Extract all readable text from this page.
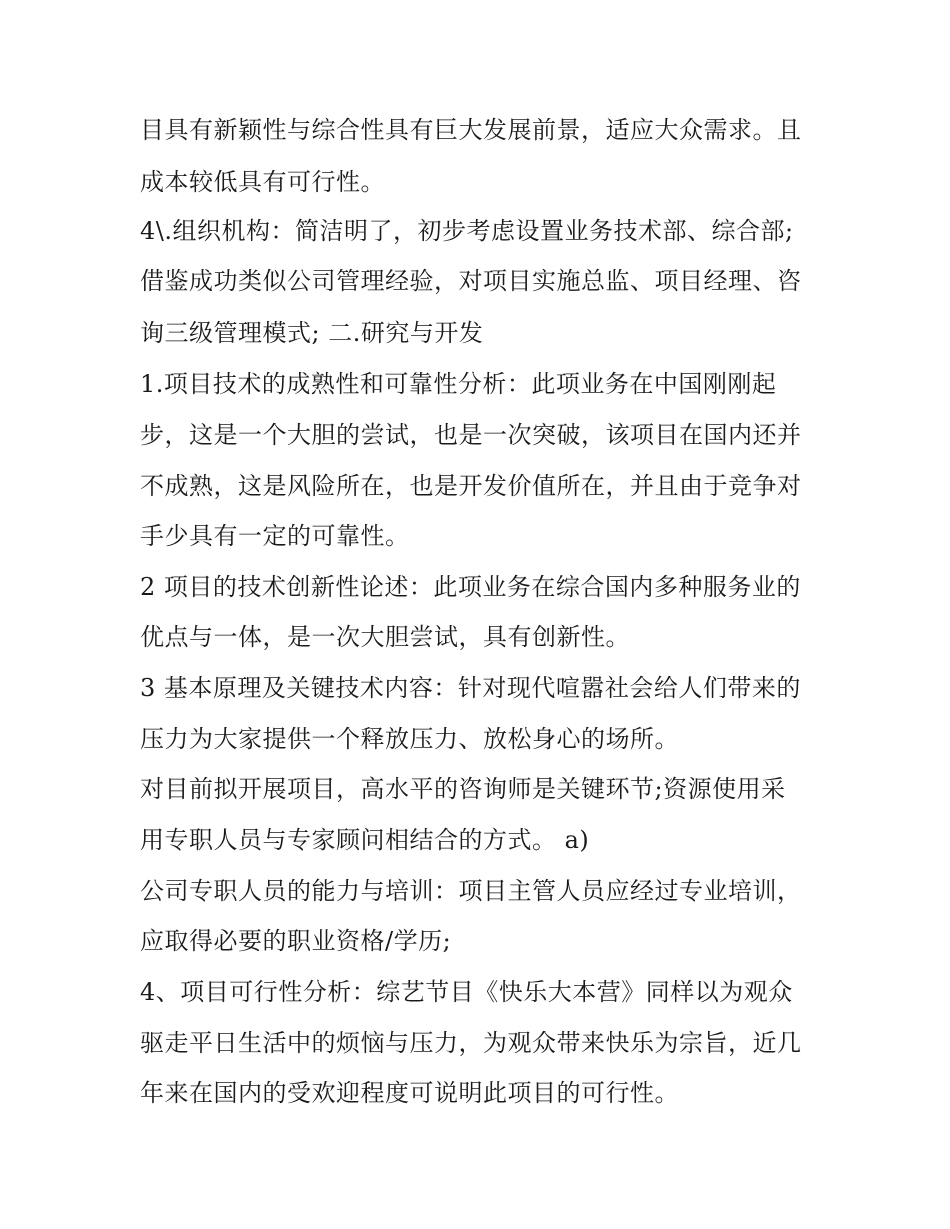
目具有新颖性与综合性具有巨大发展前景，适应大众需求。且
成本较低具有可行性。
4\.组织机构：简洁明了，初步考虑设置业务技术部、综合部;
借鉴成功类似公司管理经验，对项目实施总监、项目经理、咨
询三级管理模式; 二.研究与开发
1.项目技术的成熟性和可靠性分析：此项业务在中国刚刚起
步，这是一个大胆的尝试，也是一次突破，该项目在国内还并
不成熟，这是风险所在，也是开发价值所在，并且由于竞争对
手少具有一定的可靠性。
2 项目的技术创新性论述：此项业务在综合国内多种服务业的
优点与一体，是一次大胆尝试，具有创新性。
3 基本原理及关键技术内容：针对现代喧嚣社会给人们带来的
压力为大家提供一个释放压力、放松身心的场所。
对目前拟开展项目，高水平的咨询师是关键环节;资源使用采
用专职人员与专家顾问相结合的方式。 a)
公司专职人员的能力与培训：项目主管人员应经过专业培训，
应取得必要的职业资格/学历;
4、项目可行性分析：综艺节目《快乐大本营》同样以为观众
驱走平日生活中的烦恼与压力，为观众带来快乐为宗旨，近几
年来在国内的受欢迎程度可说明此项目的可行性。
